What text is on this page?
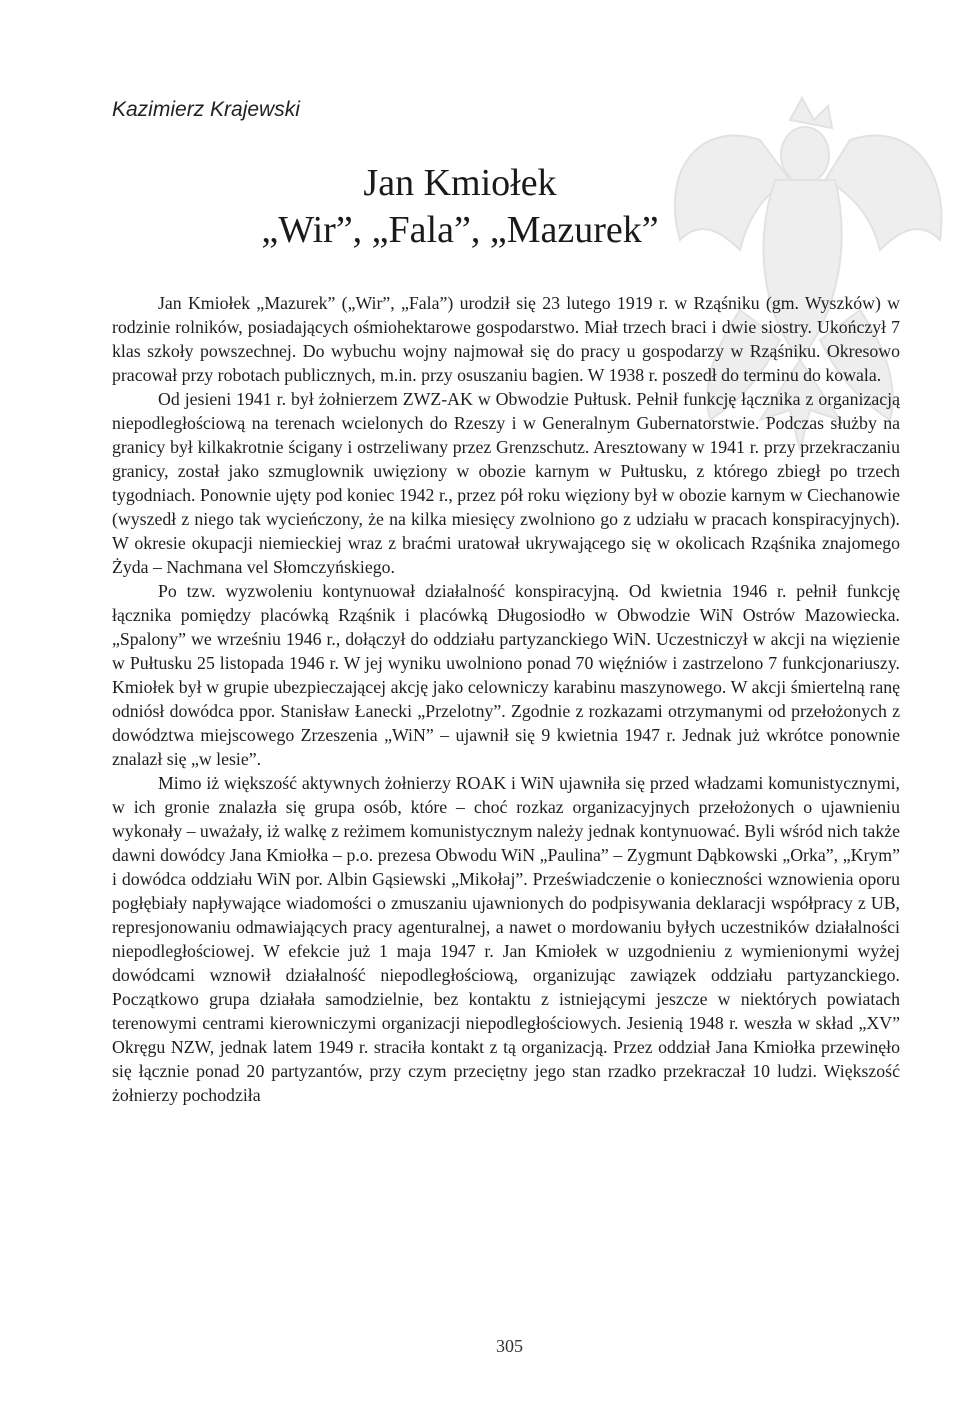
Kazimierz Krajewski
Jan Kmiołek
„Wir”, „Fala”, „Mazurek”

Jan Kmiołek „Mazurek” („Wir”, „Fala”) urodził się 23 lutego 1919 r. w Rząśniku (gm. Wyszków) w rodzinie rolników, posiadających ośmiohektarowe gospodarstwo. Miał trzech braci i dwie siostry. Ukończył 7 klas szkoły powszechnej. Do wybuchu wojny najmował się do pracy u gospodarzy w Rząśniku. Okresowo pracował przy robotach publicznych, m.in. przy osuszaniu bagien. W 1938 r. poszedł do terminu do kowala.

Od jesieni 1941 r. był żołnierzem ZWZ-AK w Obwodzie Pułtusk. Pełnił funkcję łącznika z organizacją niepodległościową na terenach wcielonych do Rzeszy i w Generalnym Gubernatorstwie. Podczas służby na granicy był kilkakrotnie ścigany i ostrzeliwany przez Grenzschutz. Aresztowany w 1941 r. przy przekraczaniu granicy, został jako szmuglownik uwięziony w obozie karnym w Pułtusku, z którego zbiegł po trzech tygodniach. Ponownie ujęty pod koniec 1942 r., przez pół roku więziony był w obozie karnym w Ciechanowie (wyszedł z niego tak wycieńczony, że na kilka miesięcy zwolniono go z udziału w pracach konspiracyjnych). W okresie okupacji niemieckiej wraz z braćmi uratował ukrywającego się w okolicach Rząśnika znajomego Żyda – Nachmana vel Słomczyńskiego.

Po tzw. wyzwoleniu kontynuował działalność konspiracyjną. Od kwietnia 1946 r. pełnił funkcję łącznika pomiędzy placówką Rząśnik i placówką Długosiodło w Obwodzie WiN Ostrów Mazowiecka. „Spalony” we wrześniu 1946 r., dołączył do oddziału partyzanckiego WiN. Uczestniczył w akcji na więzienie w Pułtusku 25 listopada 1946 r. W jej wyniku uwolniono ponad 70 więźniów i zastrzelono 7 funkcjonariuszy. Kmiołek był w grupie ubezpieczającej akcję jako celowniczy karabinu maszynowego. W akcji śmiertelną ranę odniósł dowódca ppor. Stanisław Łanecki „Przelotny”. Zgodnie z rozkazami otrzymanymi od przełożonych z dowództwa miejscowego Zrzeszenia „WiN” – ujawnił się 9 kwietnia 1947 r. Jednak już wkrótce ponownie znalazł się „w lesie”.

Mimo iż większość aktywnych żołnierzy ROAK i WiN ujawniła się przed władzami komunistycznymi, w ich gronie znalazła się grupa osób, które – choć rozkaz organizacyjnych przełożonych o ujawnieniu wykonały – uważały, iż walkę z reżimem komunistycznym należy jednak kontynuować. Byli wśród nich także dawni dowódcy Jana Kmiołka – p.o. prezesa Obwodu WiN „Paulina” – Zygmunt Dąbkowski „Orka”, „Krym” i dowódca oddziału WiN por. Albin Gąsiewski „Mikołaj”. Przeświadczenie o konieczności wznowienia oporu pogłębiały napływające wiadomości o zmuszaniu ujawnionych do podpisywania deklaracji współpracy z UB, represjonowaniu odmawiających pracy agenturalnej, a nawet o mordowaniu byłych uczestników działalności niepodległościowej. W efekcie już 1 maja 1947 r. Jan Kmiołek w uzgodnieniu z wymienionymi wyżej dowódcami wznowił działalność niepodległościową, organizując zawiązek oddziału partyzanckiego. Początkowo grupa działała samodzielnie, bez kontaktu z istniejącymi jeszcze w niektórych powiatach terenowymi centrami kierowniczymi organizacji niepodległościowych. Jesienią 1948 r. weszła w skład „XV” Okręgu NZW, jednak latem 1949 r. straciła kontakt z tą organizacją. Przez oddział Jana Kmiołka przewinęło się łącznie ponad 20 partyzantów, przy czym przeciętny jego stan rzadko przekraczał 10 ludzi. Większość żołnierzy pochodziła

305
